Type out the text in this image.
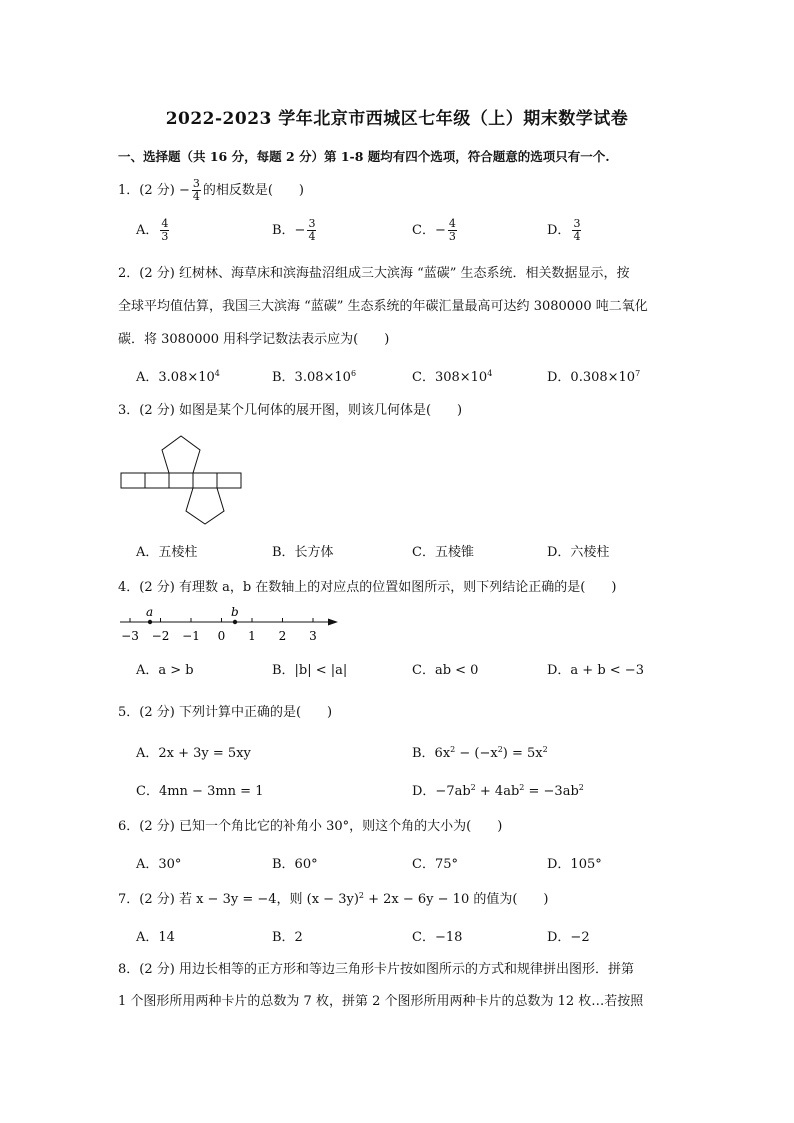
2022-2023 学年北京市西城区七年级（上）期末数学试卷
一、选择题（共 16 分，每题 2 分）第 1-8 题均有四个选项，符合题意的选项只有一个.
1．(2 分) − $\frac{3}{4}$ 的相反数是(　　)
A． $\frac{4}{3}$	B．− $\frac{3}{4}$	C．− $\frac{4}{3}$	D． $\frac{3}{4}$
2．(2 分) 红树林、海草床和滨海盐沼组成三大滨海 “蓝碳” 生态系统．相关数据显示，按
全球平均值估算，我国三大滨海 “蓝碳” 生态系统的年碳汇量最高可达约 3080000 吨二氧化
碳．将 3080000 用科学记数法表示应为(　　)
A．$3.08\times 10^4$	B．$3.08\times 10^6$	C．$308\times 10^4$	D．$0.308\times 10^7$
3．(2 分) 如图是某个几何体的展开图，则该几何体是(　　)
A．五棱柱	B．长方体	C．五棱锥	D．六棱柱
4．(2 分) 有理数 a，b 在数轴上的对应点的位置如图所示，则下列结论正确的是(　　)
−3 −2 −1 0 1 2 3
a	b
A．a > b	B．|b| < |a|	C．ab < 0	D．a + b < −3
5．(2 分) 下列计算中正确的是(　　)
A．2x + 3y = 5xy	B．$6x^2 - (-x^2) = 5x^2$
C．4mn − 3mn = 1	D．$-7ab^2 + 4ab^2 = -3ab^2$
6．(2 分) 已知一个角比它的补角小 30°，则这个角的大小为(　　)
A．30°	B．60°	C．75°	D．105°
7．(2 分) 若 x − 3y = −4，则 $(x - 3y)^2 + 2x - 6y - 10$ 的值为(　　)
A．14	B．2	C．−18	D．−2
8．(2 分) 用边长相等的正方形和等边三角形卡片按如图所示的方式和规律拼出图形．拼第
1 个图形所用两种卡片的总数为 7 枚，拼第 2 个图形所用两种卡片的总数为 12 枚…若按照
